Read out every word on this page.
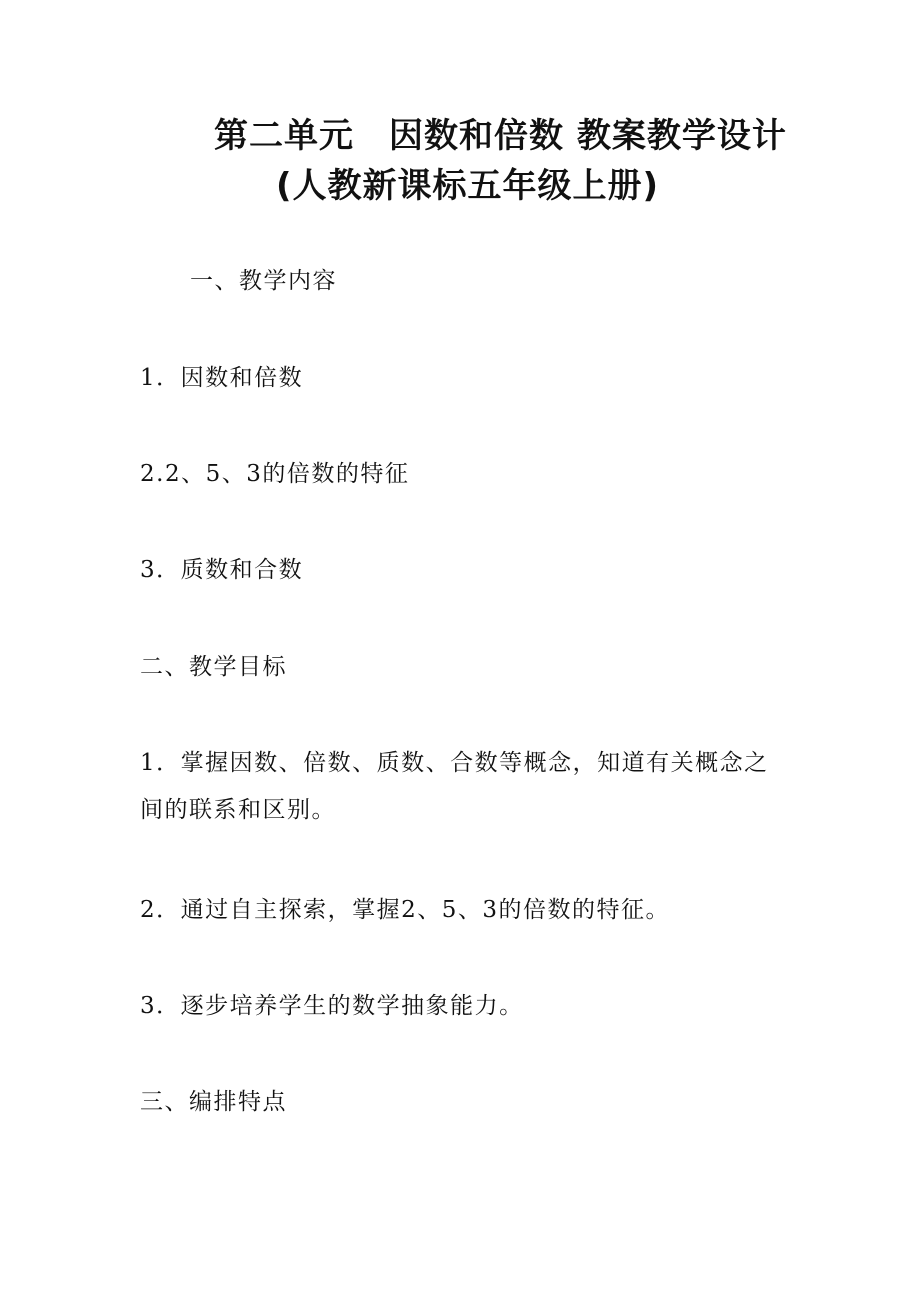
第二单元　因数和倍数 教案教学设计
(人教新课标五年级上册)
一、教学内容
1．因数和倍数
2.2、5、3的倍数的特征
3．质数和合数
二、教学目标
1．掌握因数、倍数、质数、合数等概念，知道有关概念之间的联系和区别。
2．通过自主探索，掌握2、5、3的倍数的特征。
3．逐步培养学生的数学抽象能力。
三、编排特点
